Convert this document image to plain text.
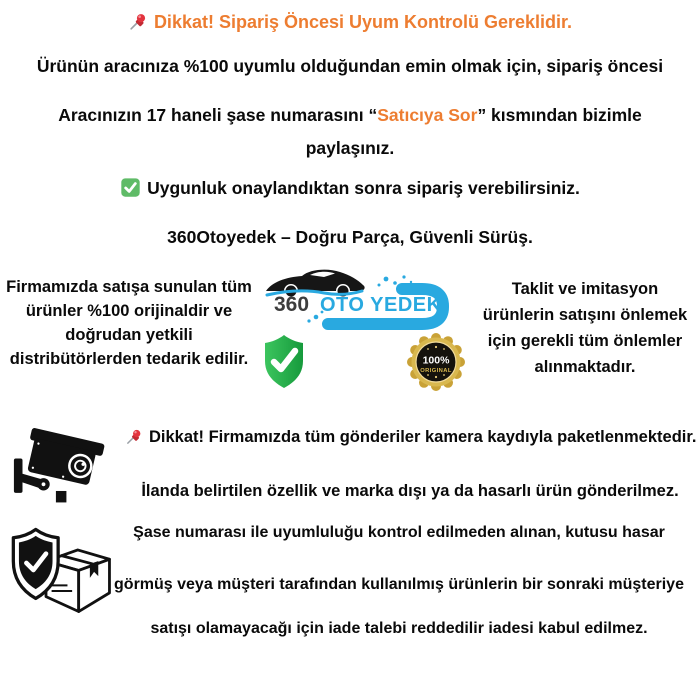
Dikkat! Sipariş Öncesi Uyum Kontrolü Gereklidir.
Ürünün aracınıza %100 uyumlu olduğundan emin olmak için, sipariş öncesi
Aracınızın 17 haneli şase numarasını “Satıcıya Sor” kısmından bizimle
paylaşınız.
Uygunluk onaylandıktan sonra sipariş verebilirsiniz.
360Otoyedek – Doğru Parça, Güvenli Sürüş.
Firmamızda satışa sunulan tüm
ürünler %100 orijinaldir ve
doğrudan yetkili
distribütörlerden tedarik edilir.
360 OTO YEDEK
100%
ORIGINAL
Taklit ve imitasyon
ürünlerin satışını önlemek
için gerekli tüm önlemler
alınmaktadır.
Dikkat! Firmamızda tüm gönderiler kamera kaydıyla paketlenmektedir.
İlanda belirtilen özellik ve marka dışı ya da hasarlı ürün gönderilmez.
Şase numarası ile uyumluluğu kontrol edilmeden alınan, kutusu hasar
görmüş veya müşteri tarafından kullanılmış ürünlerin bir sonraki müşteriye
satışı olamayacağı için iade talebi reddedilir iadesi kabul edilmez.
